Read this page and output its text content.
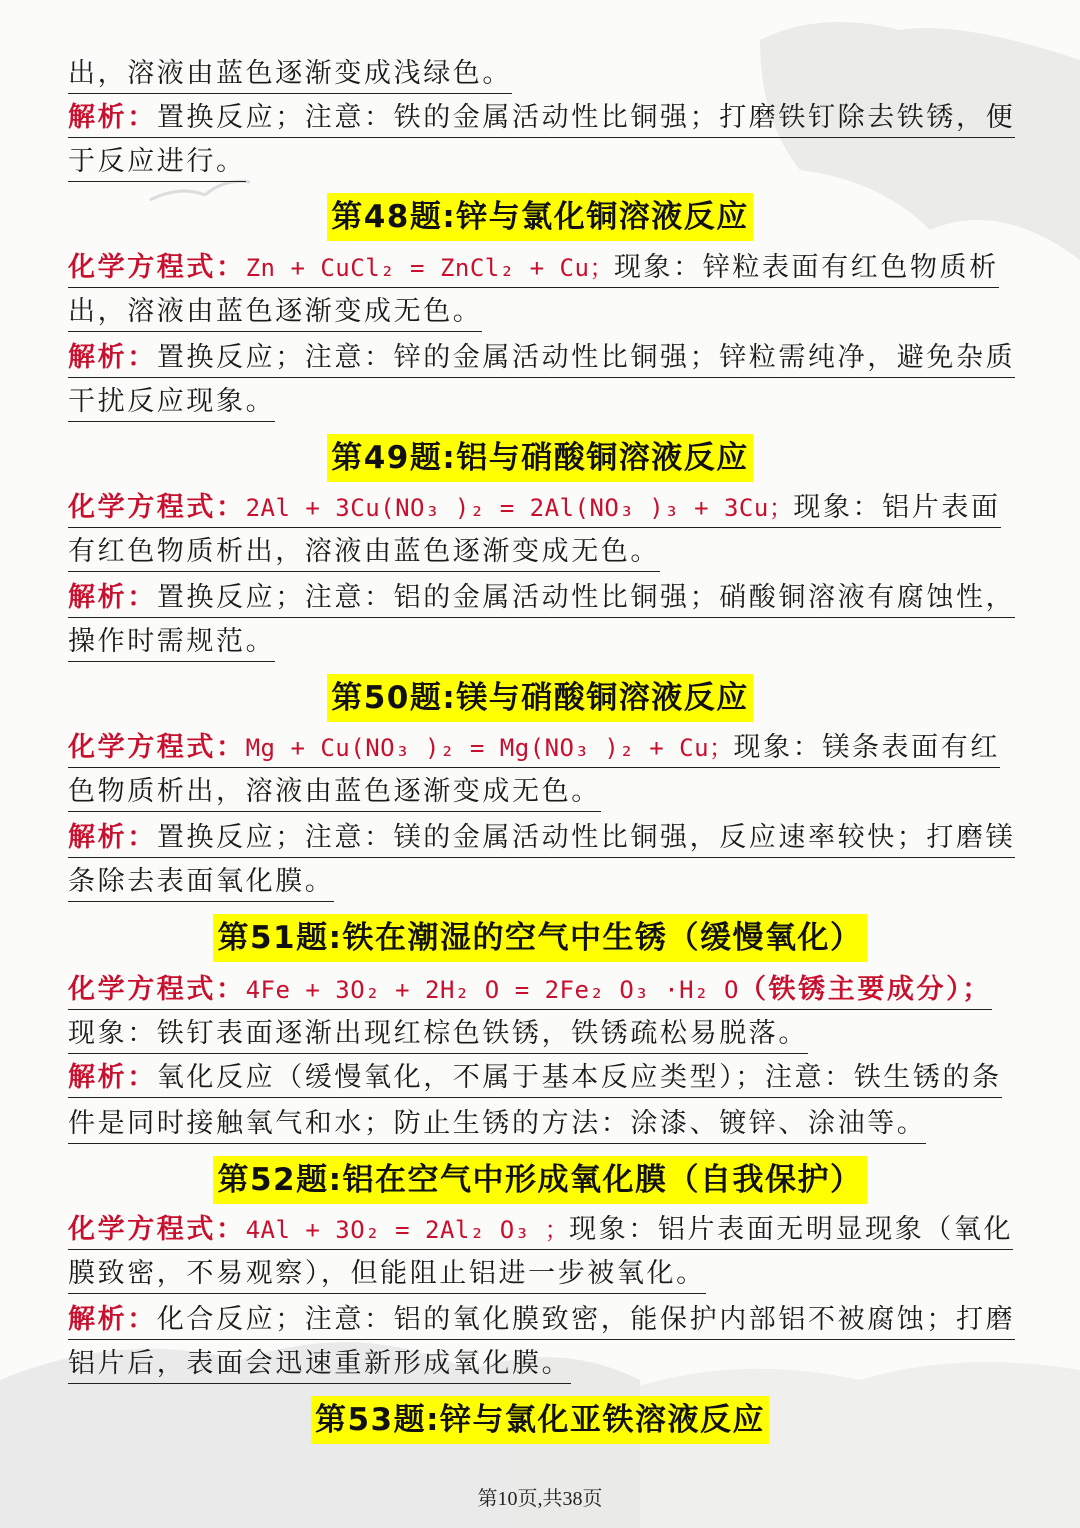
出，溶液由蓝色逐渐变成浅绿色。
解析：置换反应；注意：铁的金属活动性比铜强；打磨铁钉除去铁锈，便
于反应进行。
第48题:锌与氯化铜溶液反应
化学方程式：Zn + CuCl₂ = ZnCl₂ + Cu；现象：锌粒表面有红色物质析
出，溶液由蓝色逐渐变成无色。
解析：置换反应；注意：锌的金属活动性比铜强；锌粒需纯净，避免杂质
干扰反应现象。
第49题:铝与硝酸铜溶液反应
化学方程式：2Al + 3Cu(NO₃ )₂ = 2Al(NO₃ )₃ + 3Cu；现象：铝片表面
有红色物质析出，溶液由蓝色逐渐变成无色。
解析：置换反应；注意：铝的金属活动性比铜强；硝酸铜溶液有腐蚀性，
操作时需规范。
第50题:镁与硝酸铜溶液反应
化学方程式：Mg + Cu(NO₃ )₂ = Mg(NO₃ )₂ + Cu；现象：镁条表面有红
色物质析出，溶液由蓝色逐渐变成无色。
解析：置换反应；注意：镁的金属活动性比铜强，反应速率较快；打磨镁
条除去表面氧化膜。
第51题:铁在潮湿的空气中生锈（缓慢氧化）
化学方程式：4Fe + 3O₂ + 2H₂ O = 2Fe₂ O₃ ·H₂ O（铁锈主要成分）；
现象：铁钉表面逐渐出现红棕色铁锈，铁锈疏松易脱落。
解析：氧化反应（缓慢氧化，不属于基本反应类型）；注意：铁生锈的条
件是同时接触氧气和水；防止生锈的方法：涂漆、镀锌、涂油等。
第52题:铝在空气中形成氧化膜（自我保护）
化学方程式：4Al + 3O₂ = 2Al₂ O₃ ；现象：铝片表面无明显现象（氧化
膜致密，不易观察），但能阻止铝进一步被氧化。
解析：化合反应；注意：铝的氧化膜致密，能保护内部铝不被腐蚀；打磨
铝片后，表面会迅速重新形成氧化膜。
第53题:锌与氯化亚铁溶液反应
第10页,共38页
